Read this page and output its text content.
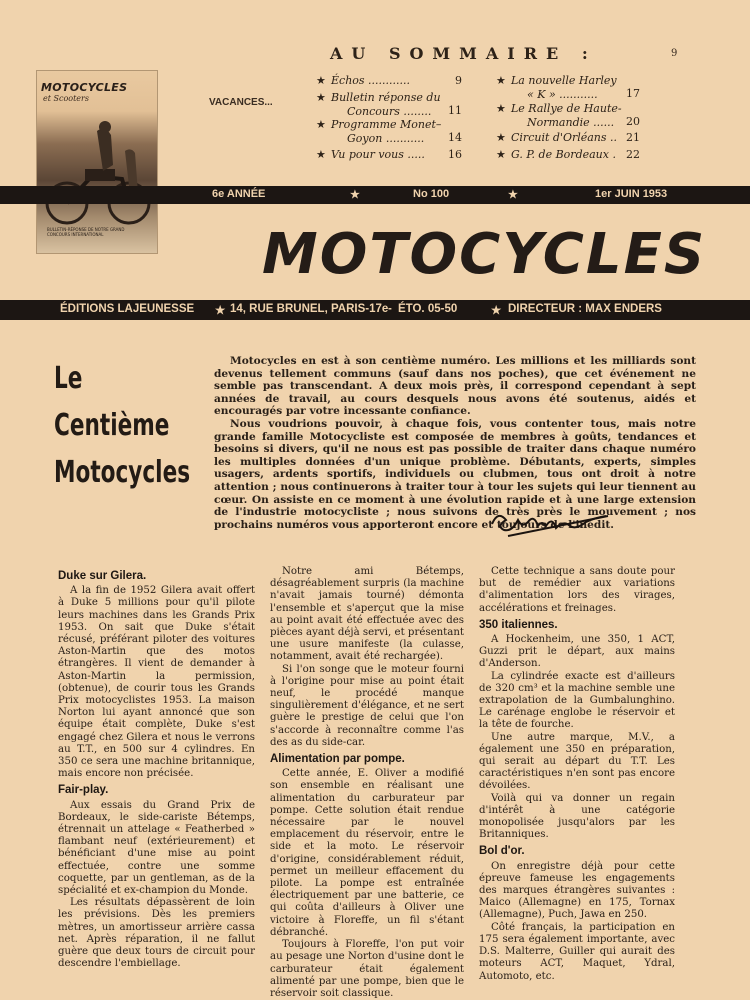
MOTOCYCLES
et Scooters
BULLETIN-RÉPONSE DE NOTRE GRAND CONCOURS INTERNATIONAL
VACANCES...
AU SOMMAIRE :	9
★ Échos ............	9
★ Bulletin réponse du
Concours ........	11
★ Programme Monet–
Goyon ...........	14
★ Vu pour vous .....	16
★ La nouvelle Harley
« K » ...........	17
★ Le Rallye de Haute-
Normandie ......	20
★ Circuit d'Orléans .. 21
★ G. P. de Bordeaux . 22
6e ANNÉE	★	No 100	★	1er JUIN 1953
MOTOCYCLES
ÉDITIONS LAJEUNESSE ★ 14, RUE BRUNEL, PARIS-17e - ÉTO. 05-50	★ DIRECTEUR : MAX ENDERS
Le
Centième
Motocycles

Motocycles en est à son centième numéro. Les millions et les milliards sont devenus tellement communs (sauf dans nos poches), que cet événement ne semble pas transcendant. A deux mois près, il correspond cependant à sept années de travail, au cours desquels nous avons été soutenus, aidés et encouragés par votre incessante confiance.

Nous voudrions pouvoir, à chaque fois, vous contenter tous, mais notre grande famille Motocycliste est composée de membres à goûts, tendances et besoins si divers, qu'il ne nous est pas possible de traiter dans chaque numéro les multiples données d'un unique problème. Débutants, experts, simples usagers, ardents sportifs, individuels ou clubmen, tous ont droit à notre attention ; nous continuerons à traiter tour à tour les sujets qui leur tiennent au cœur. On assiste en ce moment à une évolution rapide et à une large extension de l'industrie motocycliste ; nous suivons de très près le mouvement ; nos prochains numéros vous apporteront encore et toujours de l'inédit.

Duke sur Gilera.

A la fin de 1952 Gilera avait offert à Duke 5 millions pour qu'il pilote leurs machines dans les Grands Prix 1953. On sait que Duke s'était récusé, préférant piloter des voitures Aston-Martin que des motos étrangères. Il vient de demander à Aston-Martin la permission, (obtenue), de courir tous les Grands Prix motocyclistes 1953. La maison Norton lui ayant annoncé que son équipe était complète, Duke s'est engagé chez Gilera et nous le verrons au T.T., en 500 sur 4 cylindres. En 350 ce sera une machine britannique, mais encore non précisée.

Fair-play.

Aux essais du Grand Prix de Bordeaux, le side-cariste Bétemps, étrennait un attelage « Featherbed » flambant neuf (extérieurement) et bénéficiant d'une mise au point effectuée, contre une somme coquette, par un gentleman, as de la spécialité et ex-champion du Monde.

Les résultats dépassèrent de loin les prévisions. Dès les premiers mètres, un amortisseur arrière cassa net. Après réparation, il ne fallut guère que deux tours de circuit pour descendre l'embiellage.

Notre ami Bétemps, désagréablement surpris (la machine n'avait jamais tourné) démonta l'ensemble et s'aperçut que la mise au point avait été effectuée avec des pièces ayant déjà servi, et présentant une usure manifeste (la culasse, notamment, avait été rechargée).

Si l'on songe que le moteur fourni à l'origine pour mise au point était neuf, le procédé manque singulièrement d'élégance, et ne sert guère le prestige de celui que l'on s'accorde à reconnaître comme l'as des as du side-car.

Alimentation par pompe.

Cette année, E. Oliver a modifié son ensemble en réalisant une alimentation du carburateur par pompe. Cette solution était rendue nécessaire par le nouvel emplacement du réservoir, entre le side et la moto. Le réservoir d'origine, considérablement réduit, permet un meilleur effacement du pilote. La pompe est entraînée électriquement par une batterie, ce qui coûta d'ailleurs à Oliver une victoire à Floreffe, un fil s'étant débranché.

Toujours à Floreffe, l'on put voir au pesage une Norton d'usine dont le carburateur était également alimenté par une pompe, bien que le réservoir soit classique.

Cette technique a sans doute pour but de remédier aux variations d'alimentation lors des virages, accélérations et freinages.

350 italiennes.

A Hockenheim, une 350, 1 ACT, Guzzi prit le départ, aux mains d'Anderson.

La cylindrée exacte est d'ailleurs de 320 cm³ et la machine semble une extrapolation de la Gumbalunghino. Le carénage englobe le réservoir et la tête de fourche.

Une autre marque, M.V., a également une 350 en préparation, qui serait au départ du T.T. Les caractéristiques n'en sont pas encore dévoilées.

Voilà qui va donner un regain d'intérêt à une catégorie monopolisée jusqu'alors par les Britanniques.

Bol d'or.

On enregistre déjà pour cette épreuve fameuse les engagements des marques étrangères suivantes : Maico (Allemagne) en 175, Tornax (Allemagne), Puch, Jawa en 250.

Côté français, la participation en 175 sera également importante, avec D.S. Malterre, Guiller qui aurait des moteurs ACT, Maquet, Ydral, Automoto, etc.
